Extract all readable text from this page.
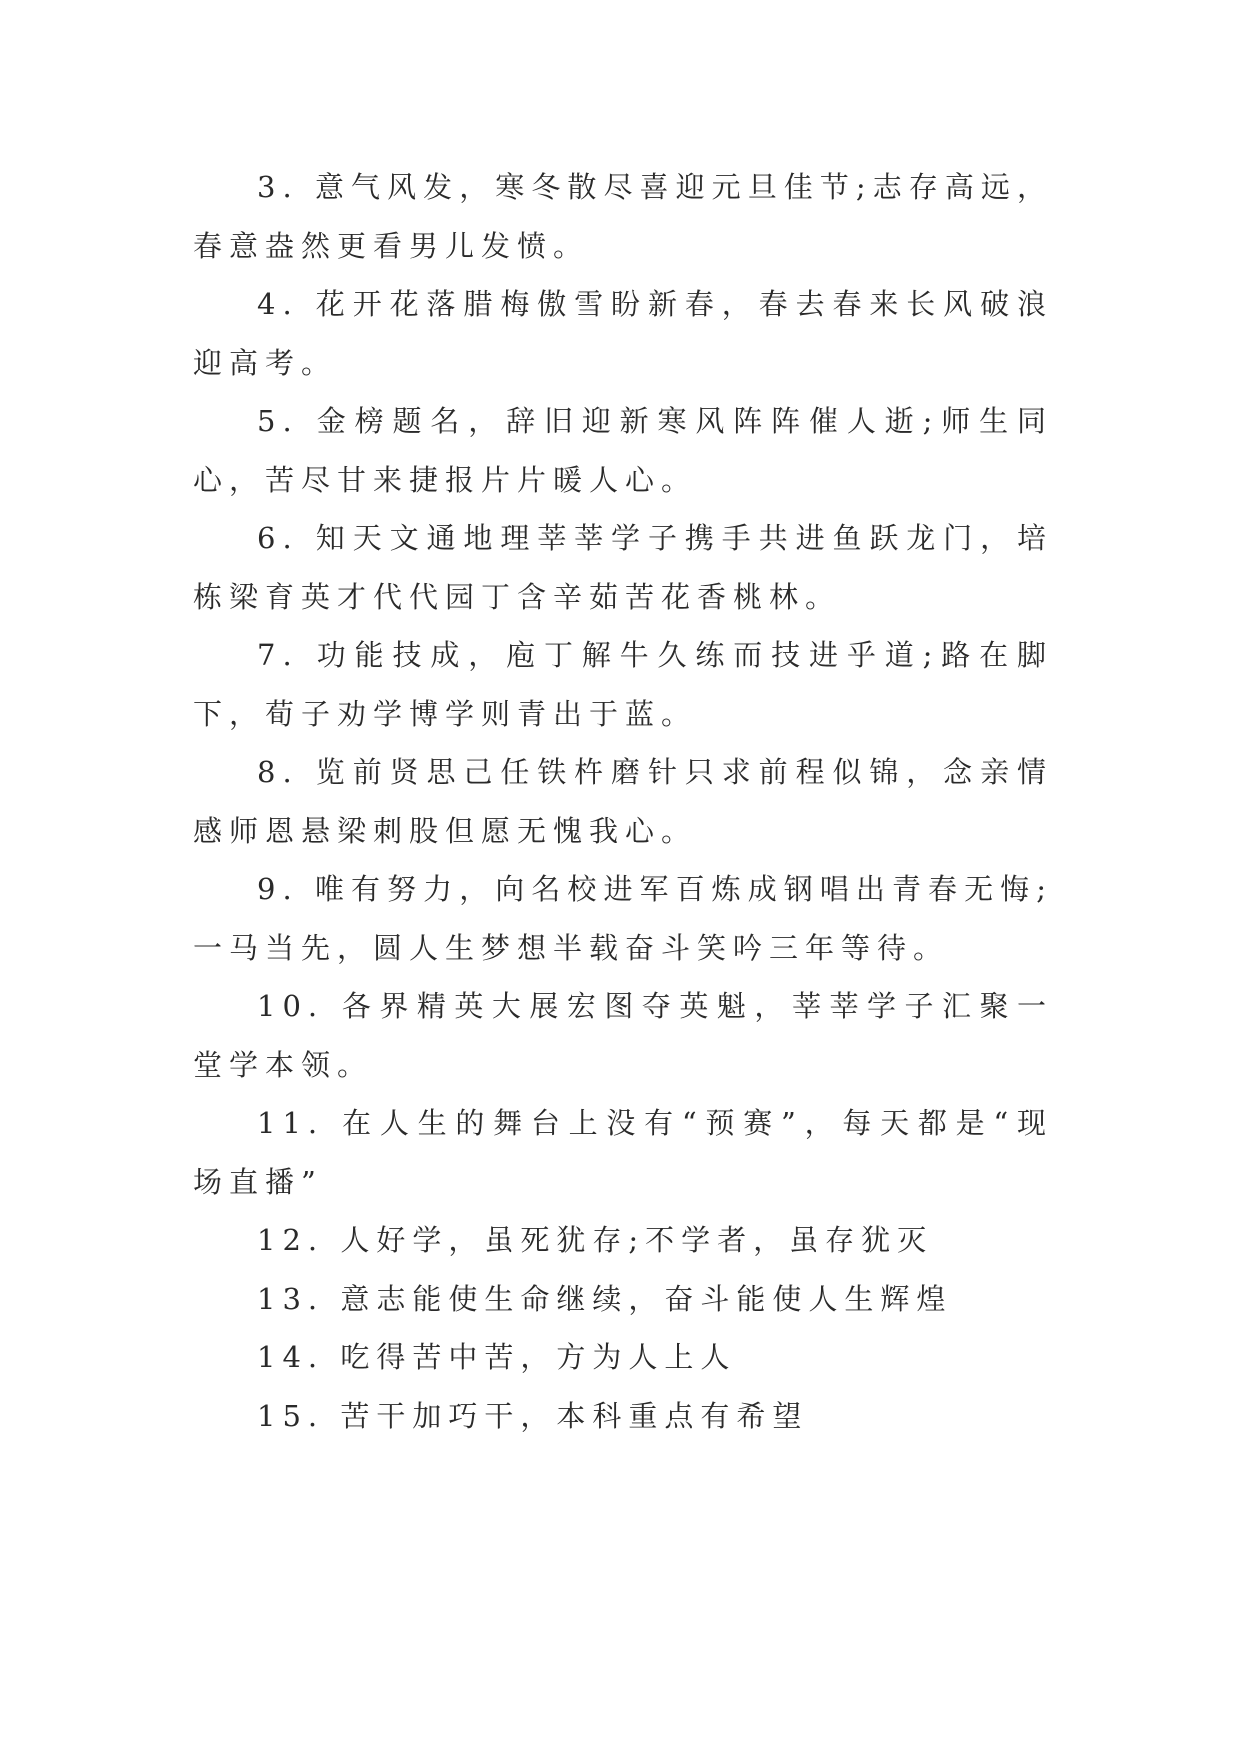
3. 意气风发，寒冬散尽喜迎元旦佳节;志存高远，春意盎然更看男儿发愤。

4. 花开花落腊梅傲雪盼新春，春去春来长风破浪迎高考。

5. 金榜题名，辞旧迎新寒风阵阵催人逝;师生同心，苦尽甘来捷报片片暖人心。

6. 知天文通地理莘莘学子携手共进鱼跃龙门，培栋梁育英才代代园丁含辛茹苦花香桃林。

7. 功能技成，庖丁解牛久练而技进乎道;路在脚下，荀子劝学博学则青出于蓝。

8. 览前贤思己任铁杵磨针只求前程似锦，念亲情感师恩悬梁刺股但愿无愧我心。

9. 唯有努力，向名校进军百炼成钢唱出青春无悔;一马当先，圆人生梦想半载奋斗笑吟三年等待。

10. 各界精英大展宏图夺英魁，莘莘学子汇聚一堂学本领。

11. 在人生的舞台上没有“预赛”，每天都是“现场直播”

12. 人好学，虽死犹存;不学者，虽存犹灭

13. 意志能使生命继续，奋斗能使人生辉煌

14. 吃得苦中苦，方为人上人

15. 苦干加巧干，本科重点有希望
